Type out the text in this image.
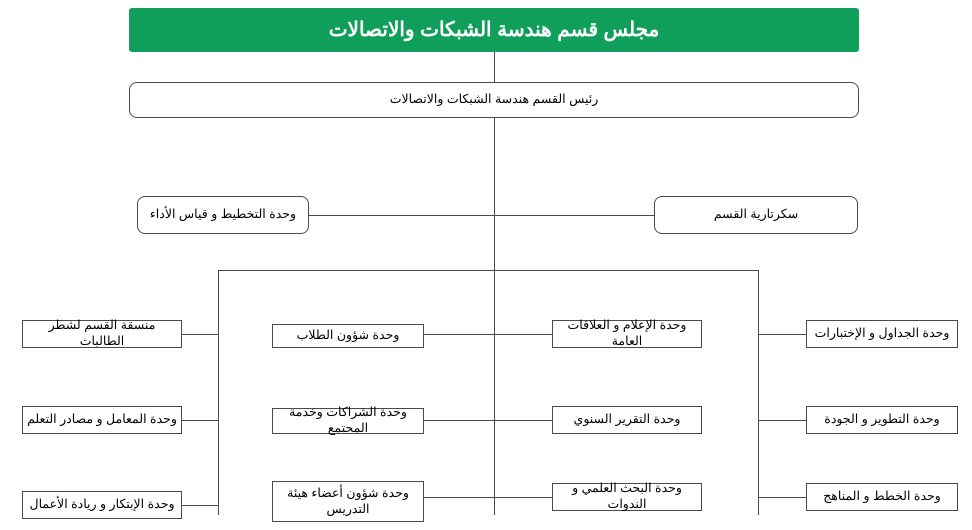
مجلس قسم هندسة الشبكات والاتصالات
رئيس القسم هندسة الشبكات والاتصالات
سكرتارية القسم
وحدة التخطيط و قياس الأداء
وحدة الجداول و الإختبارات
وحدة التطوير و الجودة
وحدة الخطط و المناهج
وحدة الإعلام و العلاقات العامة
وحدة التقرير السنوي
وحدة البحث العلمي و الندوات
وحدة شؤون الطلاب
وحدة الشراكات وخدمة المجتمع
وحدة شؤون أعضاء هيئة التدريس
منسقة القسم لشطر الطالبات
وحدة المعامل و مصادر التعلم
وحدة الإبتكار و ريادة الأعمال
